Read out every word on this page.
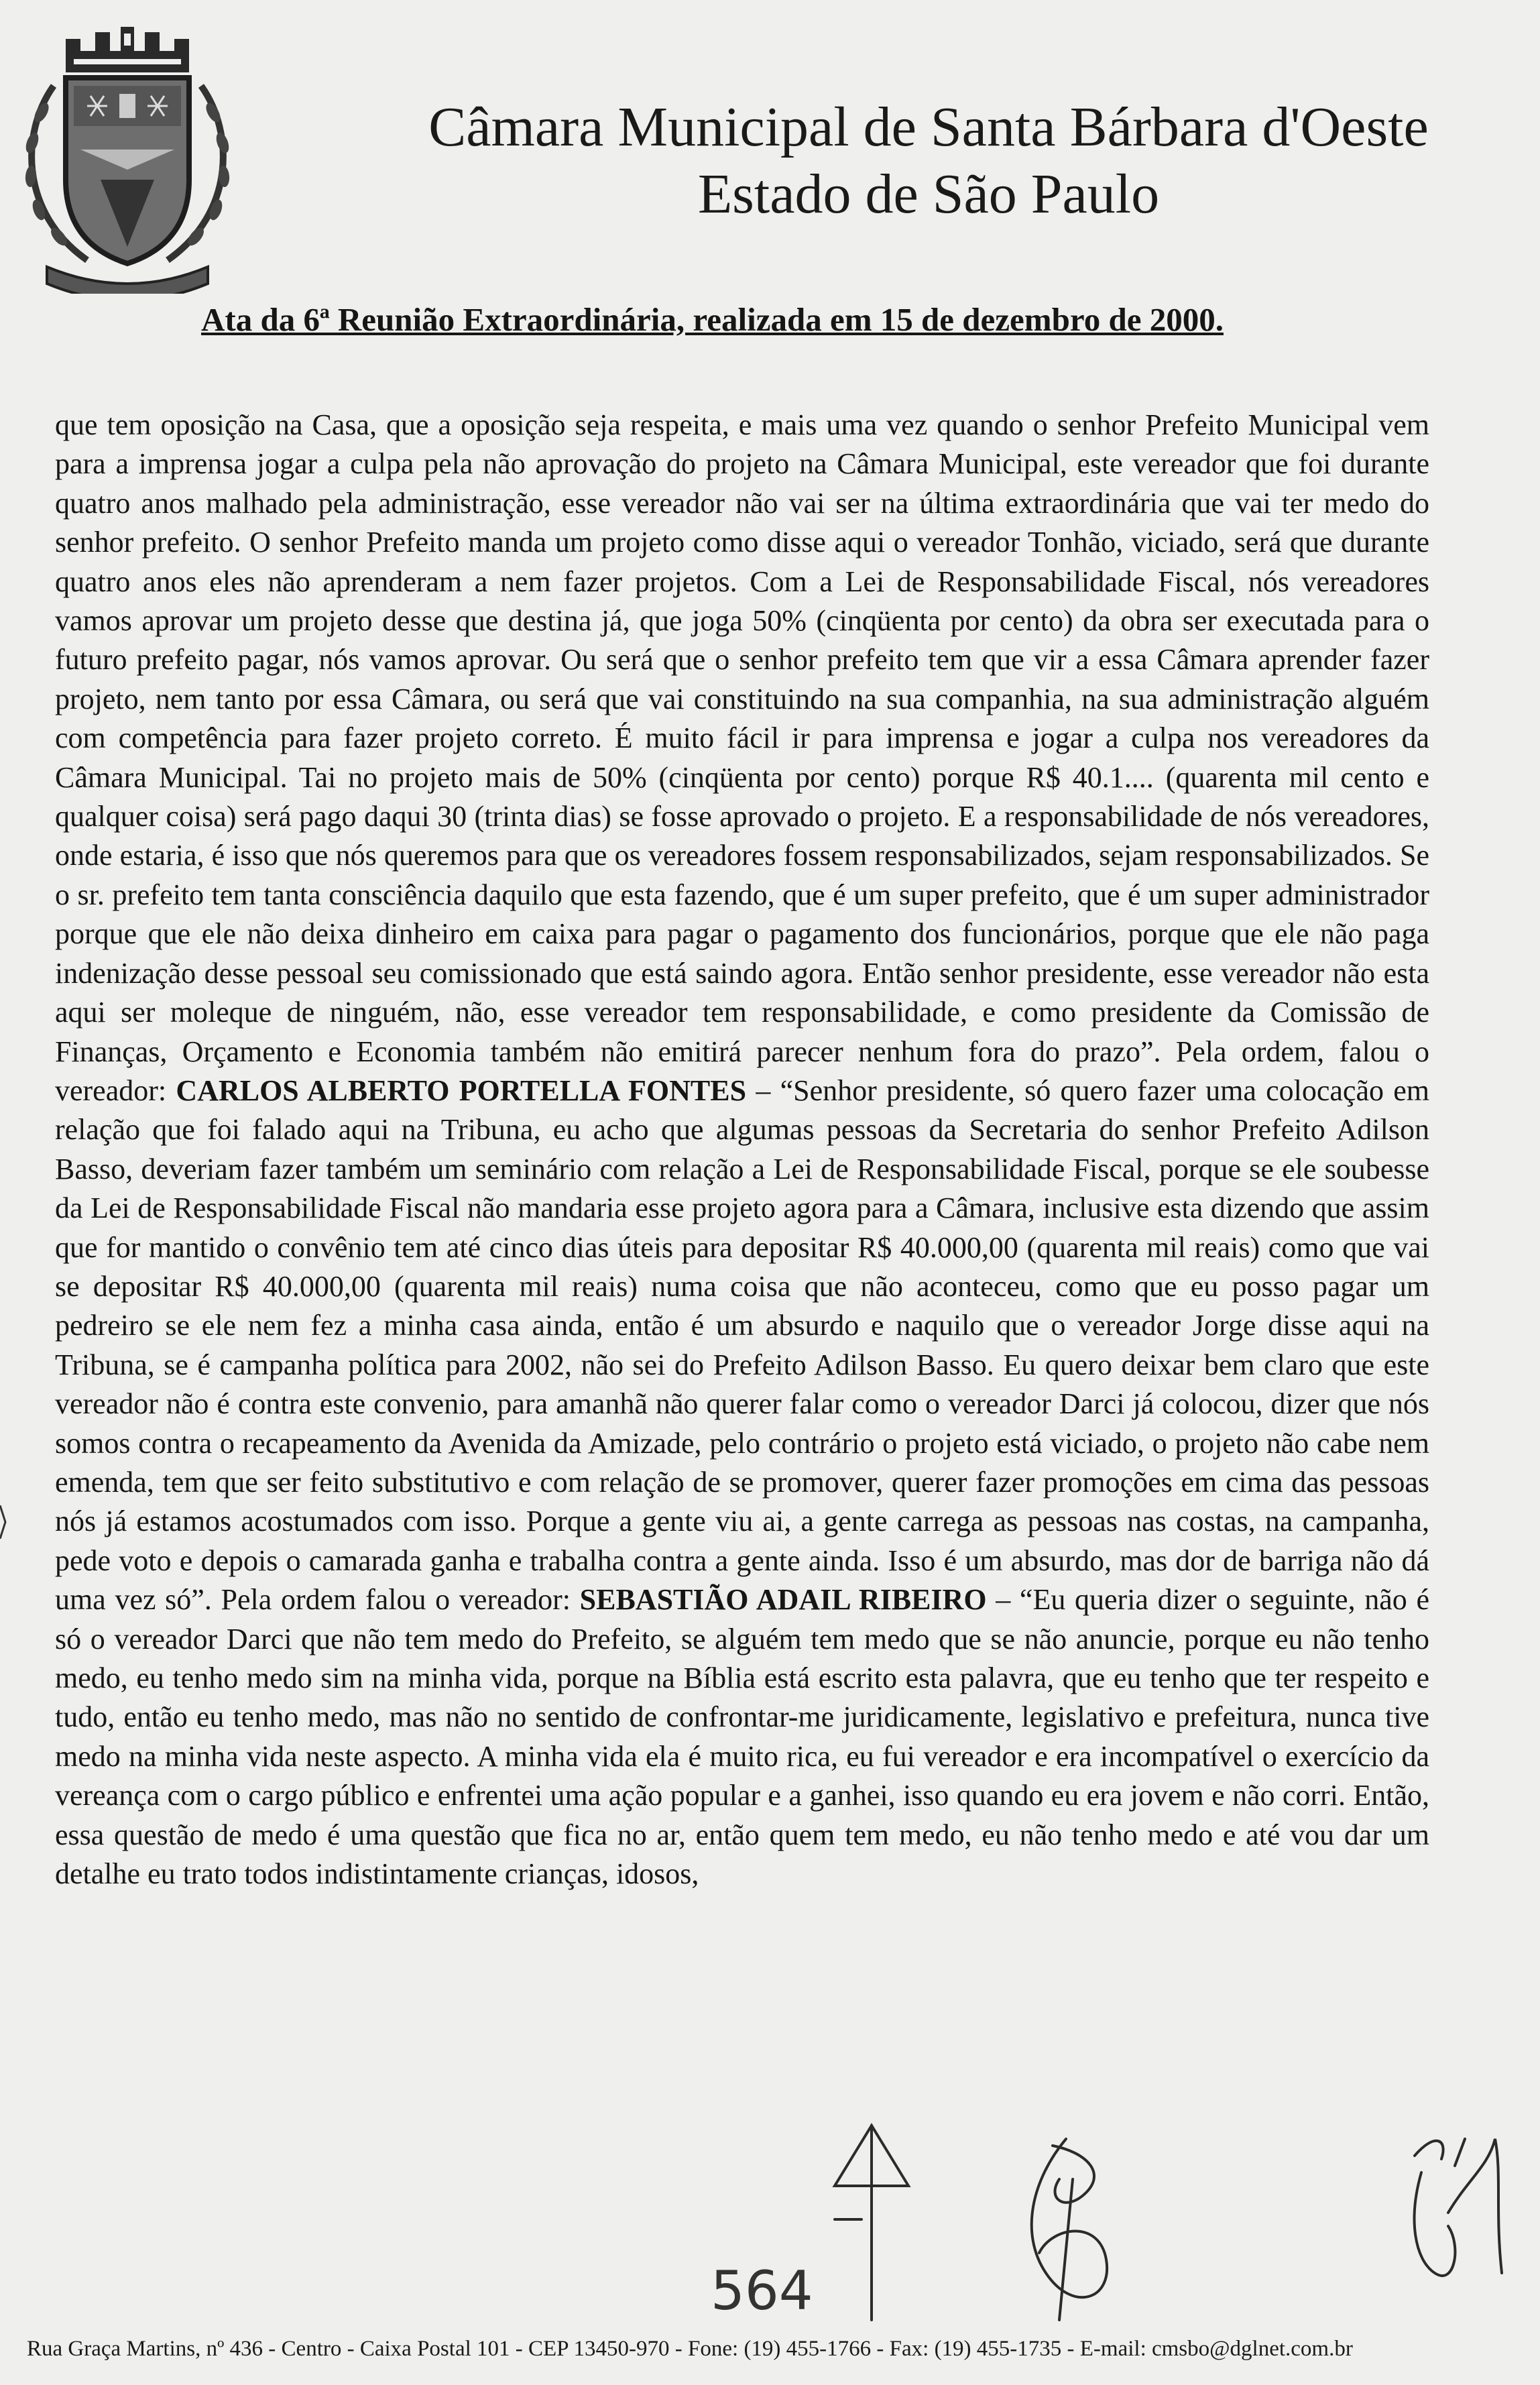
Câmara Municipal de Santa Bárbara d'Oeste
Estado de São Paulo
Ata da 6ª Reunião Extraordinária, realizada em 15 de dezembro de 2000.
que tem oposição na Casa, que a oposição seja respeita, e mais uma vez quando o senhor Prefeito Municipal vem para a imprensa jogar a culpa pela não aprovação do projeto na Câmara Municipal, este vereador que foi durante quatro anos malhado pela administração, esse vereador não vai ser na última extraordinária que vai ter medo do senhor prefeito. O senhor Prefeito manda um projeto como disse aqui o vereador Tonhão, viciado, será que durante quatro anos eles não aprenderam a nem fazer projetos. Com a Lei de Responsabilidade Fiscal, nós vereadores vamos aprovar um projeto desse que destina já, que joga 50% (cinqüenta por cento) da obra ser executada para o futuro prefeito pagar, nós vamos aprovar. Ou será que o senhor prefeito tem que vir a essa Câmara aprender fazer projeto, nem tanto por essa Câmara, ou será que vai constituindo na sua companhia, na sua administração alguém com competência para fazer projeto correto. É muito fácil ir para imprensa e jogar a culpa nos vereadores da Câmara Municipal. Tai no projeto mais de 50% (cinqüenta por cento) porque R$ 40.1.... (quarenta mil cento e qualquer coisa) será pago daqui 30 (trinta dias) se fosse aprovado o projeto. E a responsabilidade de nós vereadores, onde estaria, é isso que nós queremos para que os vereadores fossem responsabilizados, sejam responsabilizados. Se o sr. prefeito tem tanta consciência daquilo que esta fazendo, que é um super prefeito, que é um super administrador porque que ele não deixa dinheiro em caixa para pagar o pagamento dos funcionários, porque que ele não paga indenização desse pessoal seu comissionado que está saindo agora. Então senhor presidente, esse vereador não esta aqui ser moleque de ninguém, não, esse vereador tem responsabilidade, e como presidente da Comissão de Finanças, Orçamento e Economia também não emitirá parecer nenhum fora do prazo”. Pela ordem, falou o vereador: CARLOS ALBERTO PORTELLA FONTES – “Senhor presidente, só quero fazer uma colocação em relação que foi falado aqui na Tribuna, eu acho que algumas pessoas da Secretaria do senhor Prefeito Adilson Basso, deveriam fazer também um seminário com relação a Lei de Responsabilidade Fiscal, porque se ele soubesse da Lei de Responsabilidade Fiscal não mandaria esse projeto agora para a Câmara, inclusive esta dizendo que assim que for mantido o convênio tem até cinco dias úteis para depositar R$ 40.000,00 (quarenta mil reais) como que vai se depositar R$ 40.000,00 (quarenta mil reais) numa coisa que não aconteceu, como que eu posso pagar um pedreiro se ele nem fez a minha casa ainda, então é um absurdo e naquilo que o vereador Jorge disse aqui na Tribuna, se é campanha política para 2002, não sei do Prefeito Adilson Basso. Eu quero deixar bem claro que este vereador não é contra este convenio, para amanhã não querer falar como o vereador Darci já colocou, dizer que nós somos contra o recapeamento da Avenida da Amizade, pelo contrário o projeto está viciado, o projeto não cabe nem emenda, tem que ser feito substitutivo e com relação de se promover, querer fazer promoções em cima das pessoas nós já estamos acostumados com isso. Porque a gente viu ai, a gente carrega as pessoas nas costas, na campanha, pede voto e depois o camarada ganha e trabalha contra a gente ainda. Isso é um absurdo, mas dor de barriga não dá uma vez só”. Pela ordem falou o vereador: SEBASTIÃO ADAIL RIBEIRO – “Eu queria dizer o seguinte, não é só o vereador Darci que não tem medo do Prefeito, se alguém tem medo que se não anuncie, porque eu não tenho medo, eu tenho medo sim na minha vida, porque na Bíblia está escrito esta palavra, que eu tenho que ter respeito e tudo, então eu tenho medo, mas não no sentido de confrontar-me juridicamente, legislativo e prefeitura, nunca tive medo na minha vida neste aspecto. A minha vida ela é muito rica, eu fui vereador e era incompatível o exercício da vereança com o cargo público e enfrentei uma ação popular e a ganhei, isso quando eu era jovem e não corri. Então, essa questão de medo é uma questão que fica no ar, então quem tem medo, eu não tenho medo e até vou dar um detalhe eu trato todos indistintamente crianças, idosos,
564
Rua Graça Martins, nº 436 - Centro - Caixa Postal 101 - CEP 13450-970 - Fone: (19) 455-1766 - Fax: (19) 455-1735 - E-mail: cmsbo@dglnet.com.br
